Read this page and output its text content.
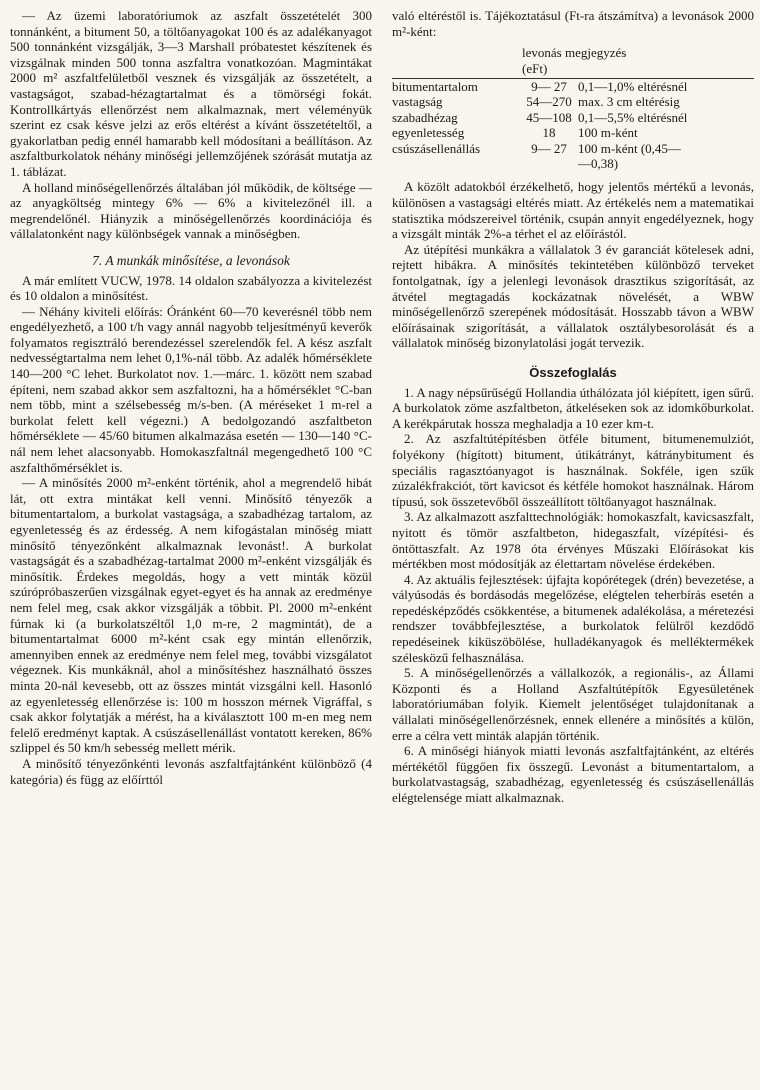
— Az üzemi laboratóriumok az aszfalt összetételét 300 tonnánként, a bitument 50, a töltőanyagokat 100 és az adalékanyagot 500 tonnánként vizsgálják, 3—3 Marshall próbatestet készítenek és vizsgálnak minden 500 tonna aszfaltra vonatkozóan. Magmintákat 2000 m² aszfaltfelületből vesznek és vizsgálják az összetételt, a vastagságot, szabad-hézagtartalmat és a tömörségi fokát. Kontrollkártyás ellenőrzést nem alkalmaznak, mert véleményük szerint ez csak késve jelzi az erős eltérést a kívánt összetételtől, a gyakorlatban pedig ennél hamarabb kell módosítani a beállításon. Az aszfaltburkolatok néhány minőségi jellemzőjének szórását mutatja az 1. táblázat.

A holland minőségellenőrzés általában jól működik, de költsége — az anyagköltség mintegy 6% — 6% a kivitelezőnél ill. a megrendelőnél. Hiányzik a minőségellenőrzés koordinációja és vállalatonként nagy különbségek vannak a minőségben.

7. A munkák minősítése, a levonások

A már említett VUCW, 1978. 14 oldalon szabályozza a kivitelezést és 10 oldalon a minősítést.

— Néhány kiviteli előírás: Óránként 60—70 keverésnél több nem engedélyezhető, a 100 t/h vagy annál nagyobb teljesítményű keverők folyamatos regisztráló berendezéssel szerelendők fel. A kész aszfalt nedvességtartalma nem lehet 0,1%-nál több. Az adalék hőmérséklete 140—200 °C lehet. Burkolatot nov. 1.—márc. 1. között nem szabad építeni, nem szabad akkor sem aszfaltozni, ha a hőmérséklet °C-ban nem több, mint a szélsebesség m/s-ben. (A méréseket 1 m-rel a burkolat felett kell végezni.) A bedolgozandó aszfaltbeton hőmérséklete — 45/60 bitumen alkalmazása esetén — 130—140 °C-nál nem lehet alacsonyabb. Homokaszfaltnál megengedhető 100 °C aszfalthőmérséklet is.

— A minősítés 2000 m²-enként történik, ahol a megrendelő hibát lát, ott extra mintákat kell venni. Minősítő tényezők a bitumentartalom, a burkolat vastagsága, a szabadhézag tartalom, az egyenletesség és az érdesség. A nem kifogástalan minőség miatt minősítő tényezőnként alkalmaznak levonást!. A burkolat vastagságát és a szabadhézag-tartalmat 2000 m²-enként vizsgálják és minősítik. Érdekes megoldás, hogy a vett minták közül szúrópróbaszerűen vizsgálnak egyet-egyet és ha annak az eredménye nem felel meg, csak akkor vizsgálják a többit. Pl. 2000 m²-enként fúrnak ki (a burkolatszéltől 1,0 m-re, 2 magmintát), de a bitumentartalmat 6000 m²-ként csak egy mintán ellenőrzik, amennyiben ennek az eredménye nem felel meg, további vizsgálatot végeznek. Kis munkáknál, ahol a minősítéshez használható összes minta 20-nál kevesebb, ott az összes mintát vizsgálni kell. Hasonló az egyenletesség ellenőrzése is: 100 m hosszon mérnek Vigráffal, s csak akkor folytatják a mérést, ha a kiválasztott 100 m-en meg nem felelő eredményt kaptak. A csúszásellenállást vontatott kereken, 86% szlippel és 50 km/h sebesség mellett mérik.

A minősítő tényezőnkénti levonás aszfaltfajtánként különböző (4 kategória) és függ az előírttól

való eltéréstől is. Tájékoztatásul (Ft-ra átszámítva) a levonások 2000 m²-ként:

levonás megjegyzés
(eFt)
bitumentartalom	9— 27 0,1—1,0% eltérésnél
vastagság	54—270 max. 3 cm eltérésig
szabadhézag	45—108 0,1—5,5% eltérésnél
egyenletesség	18	100 m-ként
csúszásellenállás	9— 27 100 m-ként (0,45—
—0,38)

A közölt adatokból érzékelhető, hogy jelentős mértékű a levonás, különösen a vastagsági eltérés miatt. Az értékelés nem a matematikai statisztika módszereivel történik, csupán annyit engedélyeznek, hogy a vizsgált minták 2%-a térhet el az előírástól.

Az útépítési munkákra a vállalatok 3 év garanciát kötelesek adni, rejtett hibákra. A minősítés tekintetében különböző terveket fontolgatnak, így a jelenlegi levonások drasztikus szigorítását, az átvétel megtagadás kockázatnak növelését, a WBW minőségellenőrző szerepének módosítását. Hosszabb távon a WBW előírásainak szigorítását, a vállalatok osztálybesorolását és a vállalatok minőség bizonylatolási jogát tervezik.

Összefoglalás

1. A nagy népsűrűségű Hollandia úthálózata jól kiépített, igen sűrű. A burkolatok zöme aszfaltbeton, átkeléseken sok az idomkőburkolat. A kerékpárutak hossza meghaladja a 10 ezer km-t.

2. Az aszfaltútépítésben ötféle bitument, bitumenemulziót, folyékony (hígított) bitument, útikátrányt, kátránybitument és speciális ragasztóanyagot is használnak. Sokféle, igen szűk zúzalékfrakciót, tört kavicsot és kétféle homokot használnak. Három típusú, sok összetevőből összeállított töltőanyagot használnak.

3. Az alkalmazott aszfalttechnológiák: homokaszfalt, kavicsaszfalt, nyitott és tömör aszfaltbeton, hidegaszfalt, vízépítési- és öntöttaszfalt. Az 1978 óta érvényes Műszaki Előírásokat kis mértékben most módosítják az élettartam növelése érdekében.

4. Az aktuális fejlesztések: újfajta kopórétegek (drén) bevezetése, a vályúsodás és bordásodás megelőzése, elégtelen teherbírás esetén a repedésképződés csökkentése, a bitumenek adalékolása, a méretezési rendszer továbbfejlesztése, a burkolatok felülről kezdődő repedéseinek kiküszöbölése, hulladékanyagok és melléktermékek szélesközű felhasználása.

5. A minőségellenőrzés a vállalkozók, a regionális-, az Állami Központi és a Holland Aszfaltútépítők Egyesületének laboratóriumában folyik. Kiemelt jelentőséget tulajdonítanak a vállalati minőségellenőrzésnek, ennek ellenére a minősítés a külön, erre a célra vett minták alapján történik.

6. A minőségi hiányok miatti levonás aszfaltfajtánként, az eltérés mértékétől függően fix összegű. Levonást a bitumentartalom, a burkolatvastagság, szabadhézag, egyenletesség és csúszásellenállás elégtelensége miatt alkalmaznak.
